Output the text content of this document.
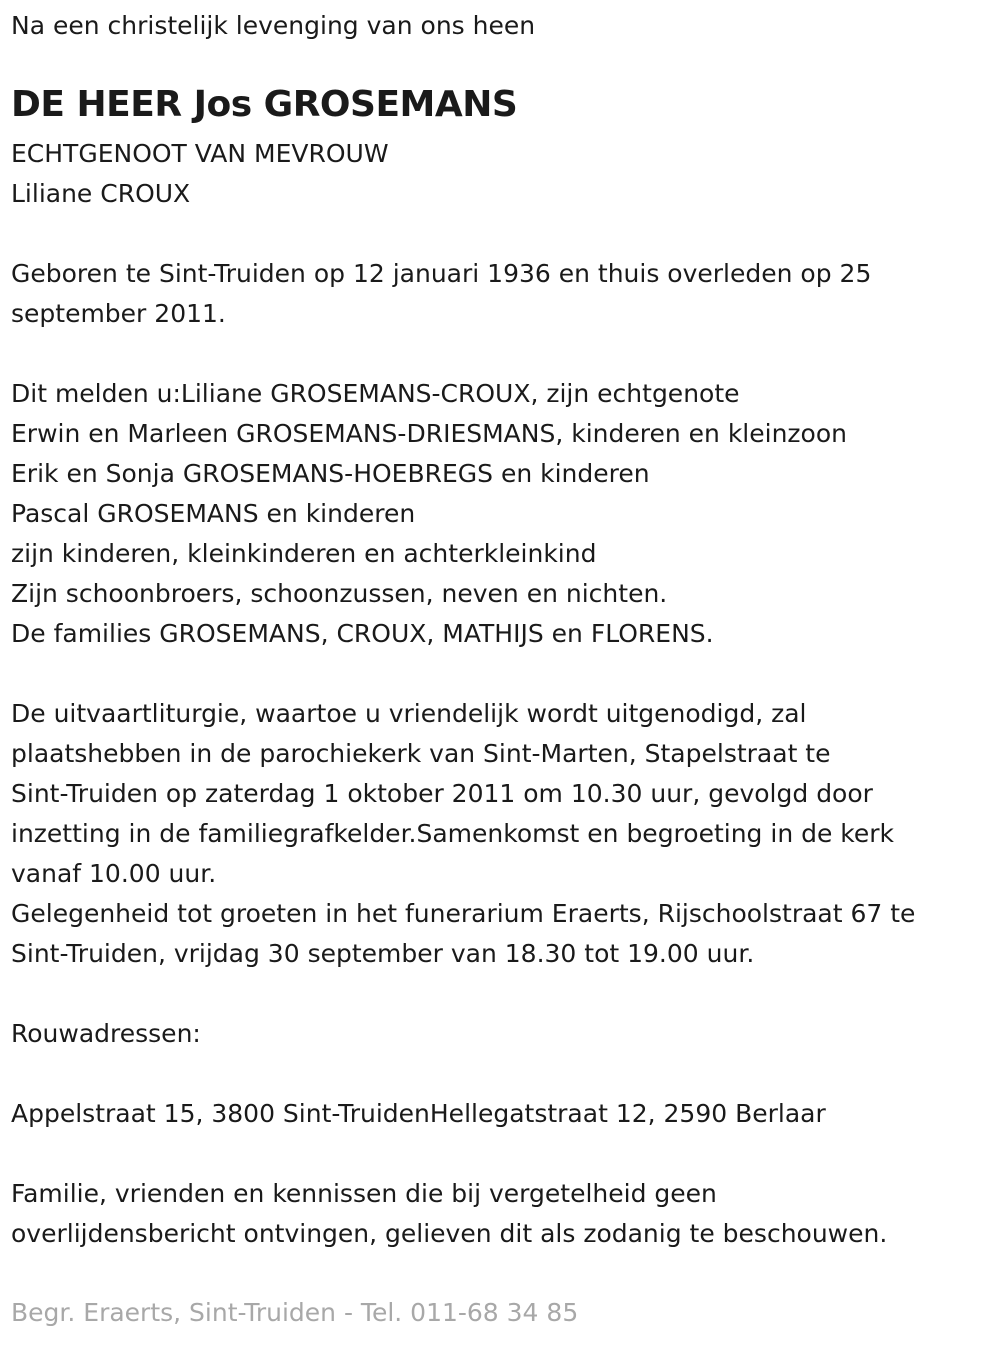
Na een christelijk levenging van ons heen
DE HEER Jos GROSEMANS
ECHTGENOOT VAN MEVROUW
Liliane CROUX
Geboren te Sint-Truiden op 12 januari 1936 en thuis overleden op 25
september 2011.
Dit melden u:Liliane GROSEMANS-CROUX, zijn echtgenote
Erwin en Marleen GROSEMANS-DRIESMANS, kinderen en kleinzoon
Erik en Sonja GROSEMANS-HOEBREGS en kinderen
Pascal GROSEMANS en kinderen
zijn kinderen, kleinkinderen en achterkleinkind
Zijn schoonbroers, schoonzussen, neven en nichten.
De families GROSEMANS, CROUX, MATHIJS en FLORENS.
De uitvaartliturgie, waartoe u vriendelijk wordt uitgenodigd, zal
plaatshebben in de parochiekerk van Sint-Marten, Stapelstraat te
Sint-Truiden op zaterdag 1 oktober 2011 om 10.30 uur, gevolgd door
inzetting in de familiegrafkelder.Samenkomst en begroeting in de kerk
vanaf 10.00 uur.
Gelegenheid tot groeten in het funerarium Eraerts, Rijschoolstraat 67 te
Sint-Truiden, vrijdag 30 september van 18.30 tot 19.00 uur.
Rouwadressen:
Appelstraat 15, 3800 Sint-TruidenHellegatstraat 12, 2590 Berlaar
Familie, vrienden en kennissen die bij vergetelheid geen
overlijdensbericht ontvingen, gelieven dit als zodanig te beschouwen.
Begr. Eraerts, Sint-Truiden - Tel. 011-68 34 85
